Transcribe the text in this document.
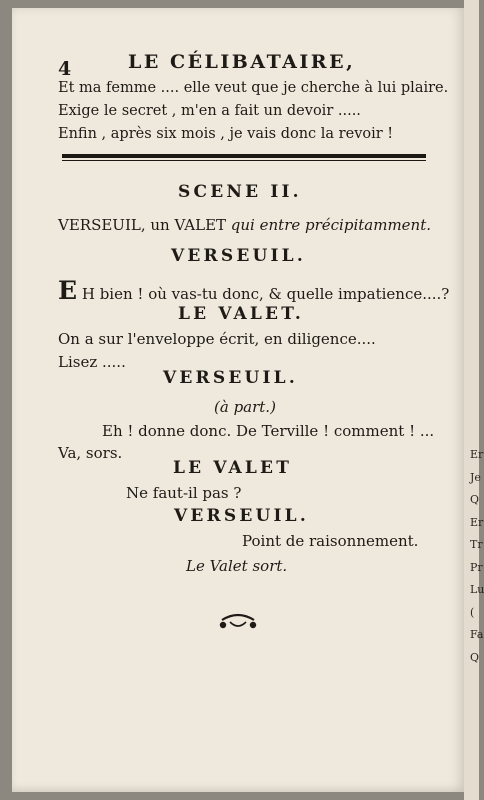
Er
Je
Q
Er
Tr
Pr
Lu
(
Fa
Q
4	LE CÉLIBATAIRE,
Et ma femme .... elle veut que je cherche à lui plaire.
Exige le secret , m'en a fait un devoir .....
Enfin , après six mois , je vais donc la revoir !
SCENE II.
VERSEUIL, un VALET qui entre précipitamment.
VERSEUIL.
E H bien ! où vas-tu donc, & quelle impatience....?
LE VALET.
On a sur l'enveloppe écrit, en diligence....
Lisez .....
VERSEUIL.
(à part.)
Eh ! donne donc. De Terville ! comment ! ...
Va, sors.
LE VALET
Ne faut-il pas ?
VERSEUIL.
Point de raisonnement.
Le Valet sort.
